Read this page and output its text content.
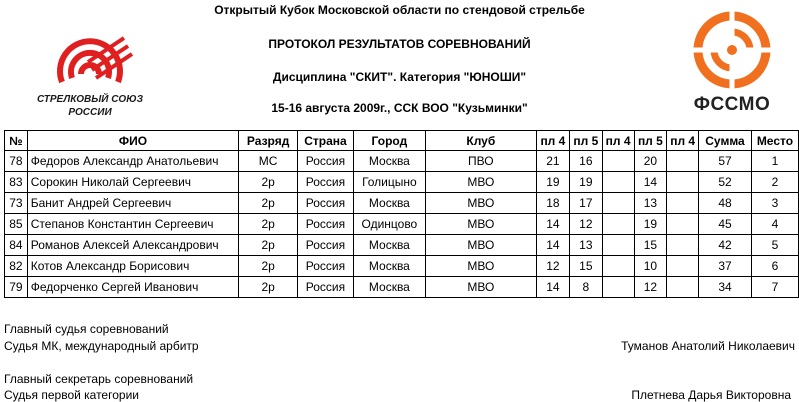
Открытый Кубок Московской области по стендовой стрельбе
ПРОТОКОЛ РЕЗУЛЬТАТОВ СОРЕВНОВАНИЙ
Дисциплина "СКИТ". Категория "ЮНОШИ"
15-16 августа 2009г., ССК ВОО "Кузьминки"
СТРЕЛКОВЫЙ СОЮЗ
РОССИИ	ФССМО
№	ФИО	Разряд	Страна	Город	Клуб	пл 4	пл 5	пл 4	пл 5	пл 4	Сумма	Место
78	Федоров Александр Анатольевич	МС	Россия	Москва	ПВО	21	16		20		57	1
83	Сорокин Николай Сергеевич	2р	Россия	Голицыно	МВО	19	19		14		52	2
73	Банит Андрей Сергеевич	2р	Россия	Москва	МВО	18	17		13		48	3
85	Степанов Константин Сергеевич	2р	Россия	Одинцово	МВО	14	12		19		45	4
84	Романов Алексей Александрович	2р	Россия	Москва	МВО	14	13		15		42	5
82	Котов Александр Борисович	2р	Россия	Москва	МВО	12	15		10		37	6
79	Федорченко Сергей Иванович	2р	Россия	Москва	МВО	14	8		12		34	7
Главный судья соревнований
Судья МК, международный арбитр	Туманов Анатолий Николаевич
Главный секретарь соревнований
Судья первой категории	Плетнева Дарья Викторовна
